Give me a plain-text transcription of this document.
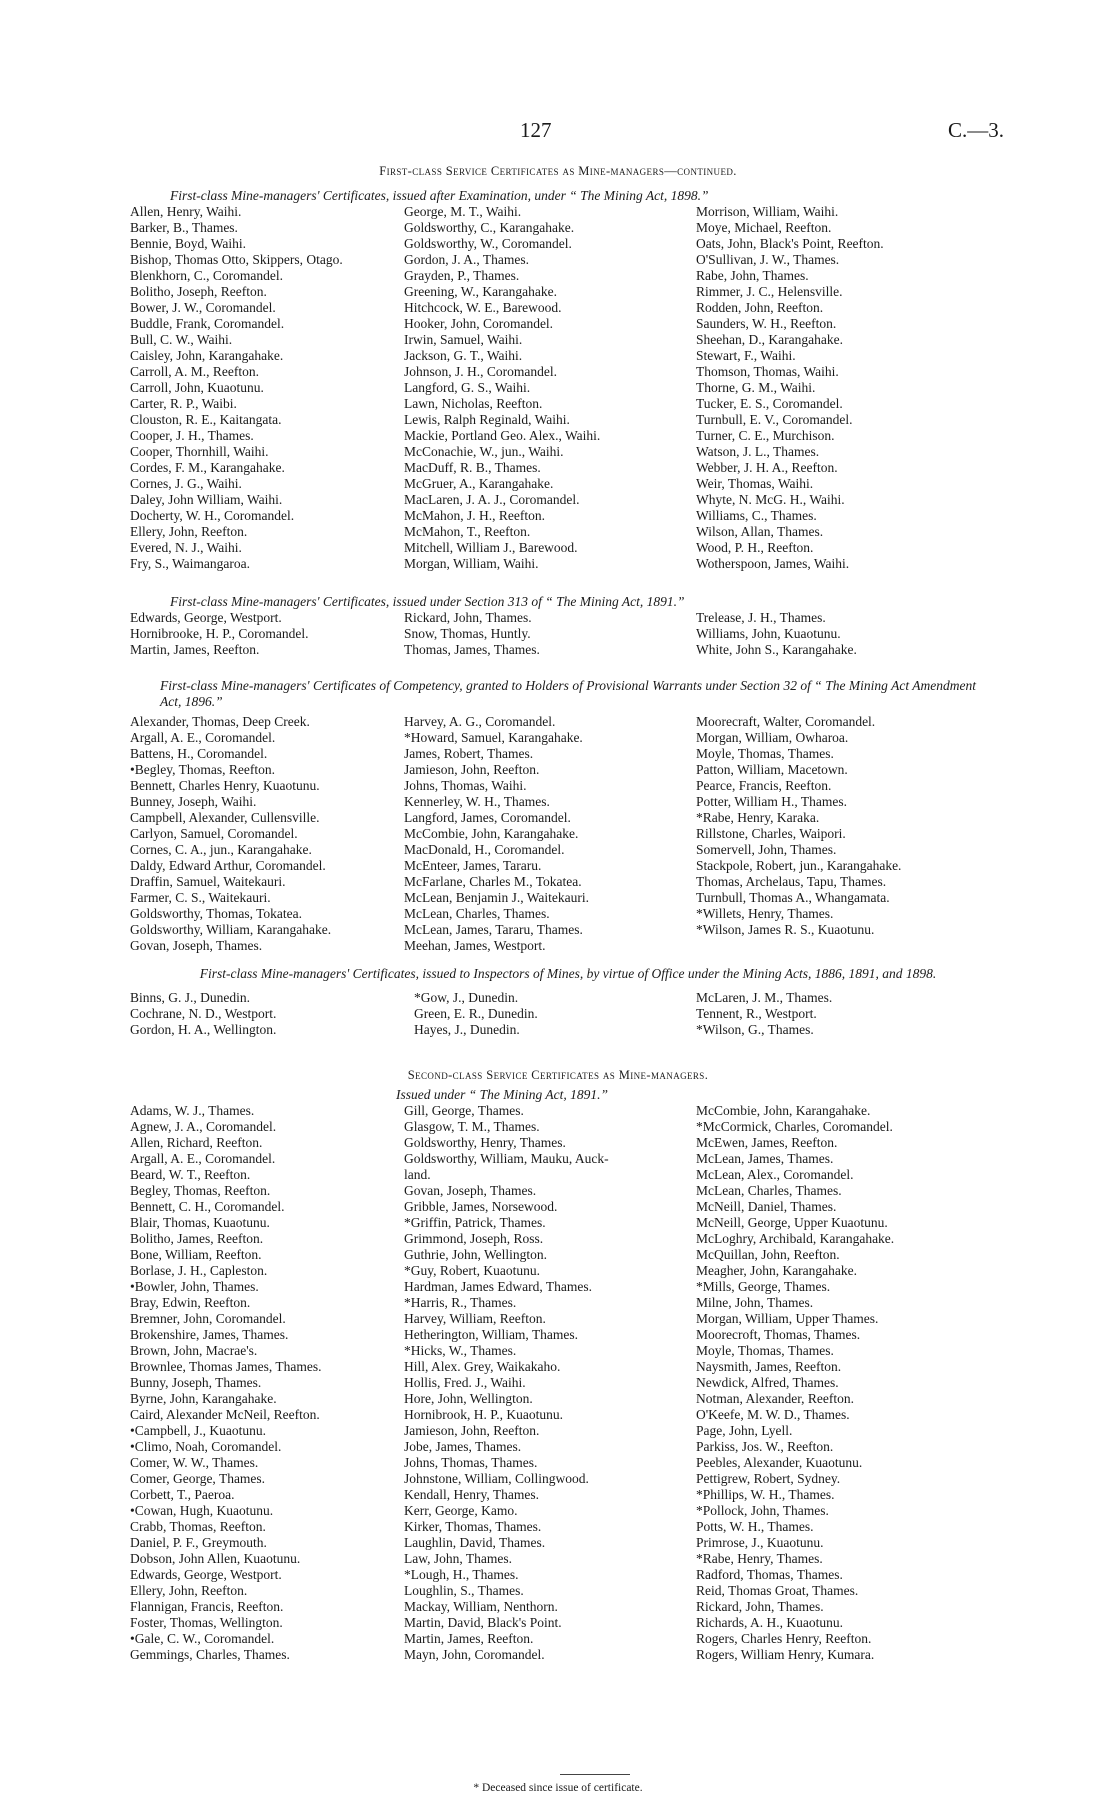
127	C.—3.
First-class Service Certificates as Mine-managers—continued.
First-class Mine-managers' Certificates, issued after Examination, under “ The Mining Act, 1898.”
Allen, Henry, Waihi.
Barker, B., Thames.
Bennie, Boyd, Waihi.
Bishop, Thomas Otto, Skippers, Otago.
Blenkhorn, C., Coromandel.
Bolitho, Joseph, Reefton.
Bower, J. W., Coromandel.
Buddle, Frank, Coromandel.
Bull, C. W., Waihi.
Caisley, John, Karangahake.
Carroll, A. M., Reefton.
Carroll, John, Kuaotunu.
Carter, R. P., Waibi.
Clouston, R. E., Kaitangata.
Cooper, J. H., Thames.
Cooper, Thornhill, Waihi.
Cordes, F. M., Karangahake.
Cornes, J. G., Waihi.
Daley, John William, Waihi.
Docherty, W. H., Coromandel.
Ellery, John, Reefton.
Evered, N. J., Waihi.
Fry, S., Waimangaroa.
George, M. T., Waihi.
Goldsworthy, C., Karangahake.
Goldsworthy, W., Coromandel.
Gordon, J. A., Thames.
Grayden, P., Thames.
Greening, W., Karangahake.
Hitchcock, W. E., Barewood.
Hooker, John, Coromandel.
Irwin, Samuel, Waihi.
Jackson, G. T., Waihi.
Johnson, J. H., Coromandel.
Langford, G. S., Waihi.
Lawn, Nicholas, Reefton.
Lewis, Ralph Reginald, Waihi.
Mackie, Portland Geo. Alex., Waihi.
McConachie, W., jun., Waihi.
MacDuff, R. B., Thames.
McGruer, A., Karangahake.
MacLaren, J. A. J., Coromandel.
McMahon, J. H., Reefton.
McMahon, T., Reefton.
Mitchell, William J., Barewood.
Morgan, William, Waihi.
Morrison, William, Waihi.
Moye, Michael, Reefton.
Oats, John, Black's Point, Reefton.
O'Sullivan, J. W., Thames.
Rabe, John, Thames.
Rimmer, J. C., Helensville.
Rodden, John, Reefton.
Saunders, W. H., Reefton.
Sheehan, D., Karangahake.
Stewart, F., Waihi.
Thomson, Thomas, Waihi.
Thorne, G. M., Waihi.
Tucker, E. S., Coromandel.
Turnbull, E. V., Coromandel.
Turner, C. E., Murchison.
Watson, J. L., Thames.
Webber, J. H. A., Reefton.
Weir, Thomas, Waihi.
Whyte, N. McG. H., Waihi.
Williams, C., Thames.
Wilson, Allan, Thames.
Wood, P. H., Reefton.
Wotherspoon, James, Waihi.
First-class Mine-managers' Certificates, issued under Section 313 of “ The Mining Act, 1891.”
Edwards, George, Westport.
Hornibrooke, H. P., Coromandel.
Martin, James, Reefton.
Rickard, John, Thames.
Snow, Thomas, Huntly.
Thomas, James, Thames.
Trelease, J. H., Thames.
Williams, John, Kuaotunu.
White, John S., Karangahake.
First-class Mine-managers' Certificates of Competency, granted to Holders of Provisional Warrants under Section 32 of “ The Mining Act Amendment Act, 1896.”
Alexander, Thomas, Deep Creek.
Argall, A. E., Coromandel.
Battens, H., Coromandel.
•Begley, Thomas, Reefton.
Bennett, Charles Henry, Kuaotunu.
Bunney, Joseph, Waihi.
Campbell, Alexander, Cullensville.
Carlyon, Samuel, Coromandel.
Cornes, C. A., jun., Karangahake.
Daldy, Edward Arthur, Coromandel.
Draffin, Samuel, Waitekauri.
Farmer, C. S., Waitekauri.
Goldsworthy, Thomas, Tokatea.
Goldsworthy, William, Karangahake.
Govan, Joseph, Thames.
Harvey, A. G., Coromandel.
*Howard, Samuel, Karangahake.
James, Robert, Thames.
Jamieson, John, Reefton.
Johns, Thomas, Waihi.
Kennerley, W. H., Thames.
Langford, James, Coromandel.
McCombie, John, Karangahake.
MacDonald, H., Coromandel.
McEnteer, James, Tararu.
McFarlane, Charles M., Tokatea.
McLean, Benjamin J., Waitekauri.
McLean, Charles, Thames.
McLean, James, Tararu, Thames.
Meehan, James, Westport.
Moorecraft, Walter, Coromandel.
Morgan, William, Owharoa.
Moyle, Thomas, Thames.
Patton, William, Macetown.
Pearce, Francis, Reefton.
Potter, William H., Thames.
*Rabe, Henry, Karaka.
Rillstone, Charles, Waipori.
Somervell, John, Thames.
Stackpole, Robert, jun., Karangahake.
Thomas, Archelaus, Tapu, Thames.
Turnbull, Thomas A., Whangamata.
*Willets, Henry, Thames.
*Wilson, James R. S., Kuaotunu.
First-class Mine-managers' Certificates, issued to Inspectors of Mines, by virtue of Office under the Mining Acts, 1886, 1891, and 1898.
Binns, G. J., Dunedin.
Cochrane, N. D., Westport.
Gordon, H. A., Wellington.
*Gow, J., Dunedin.
Green, E. R., Dunedin.
Hayes, J., Dunedin.
McLaren, J. M., Thames.
Tennent, R., Westport.
*Wilson, G., Thames.
Second-class Service Certificates as Mine-managers.
Issued under “ The Mining Act, 1891.”
Adams, W. J., Thames.
Agnew, J. A., Coromandel.
Allen, Richard, Reefton.
Argall, A. E., Coromandel.
Beard, W. T., Reefton.
Begley, Thomas, Reefton.
Bennett, C. H., Coromandel.
Blair, Thomas, Kuaotunu.
Bolitho, James, Reefton.
Bone, William, Reefton.
Borlase, J. H., Capleston.
•Bowler, John, Thames.
Bray, Edwin, Reefton.
Bremner, John, Coromandel.
Brokenshire, James, Thames.
Brown, John, Macrae's.
Brownlee, Thomas James, Thames.
Bunny, Joseph, Thames.
Byrne, John, Karangahake.
Caird, Alexander McNeil, Reefton.
•Campbell, J., Kuaotunu.
•Climo, Noah, Coromandel.
Comer, W. W., Thames.
Comer, George, Thames.
Corbett, T., Paeroa.
•Cowan, Hugh, Kuaotunu.
Crabb, Thomas, Reefton.
Daniel, P. F., Greymouth.
Dobson, John Allen, Kuaotunu.
Edwards, George, Westport.
Ellery, John, Reefton.
Flannigan, Francis, Reefton.
Foster, Thomas, Wellington.
•Gale, C. W., Coromandel.
Gemmings, Charles, Thames.
Gill, George, Thames.
Glasgow, T. M., Thames.
Goldsworthy, Henry, Thames.
Goldsworthy, William, Mauku, Auck-
land.
Govan, Joseph, Thames.
Gribble, James, Norsewood.
*Griffin, Patrick, Thames.
Grimmond, Joseph, Ross.
Guthrie, John, Wellington.
*Guy, Robert, Kuaotunu.
Hardman, James Edward, Thames.
*Harris, R., Thames.
Harvey, William, Reefton.
Hetherington, William, Thames.
*Hicks, W., Thames.
Hill, Alex. Grey, Waikakaho.
Hollis, Fred. J., Waihi.
Hore, John, Wellington.
Hornibrook, H. P., Kuaotunu.
Jamieson, John, Reefton.
Jobe, James, Thames.
Johns, Thomas, Thames.
Johnstone, William, Collingwood.
Kendall, Henry, Thames.
Kerr, George, Kamo.
Kirker, Thomas, Thames.
Laughlin, David, Thames.
Law, John, Thames.
*Lough, H., Thames.
Loughlin, S., Thames.
Mackay, William, Nenthorn.
Martin, David, Black's Point.
Martin, James, Reefton.
Mayn, John, Coromandel.
McCombie, John, Karangahake.
*McCormick, Charles, Coromandel.
McEwen, James, Reefton.
McLean, James, Thames.
McLean, Alex., Coromandel.
McLean, Charles, Thames.
McNeill, Daniel, Thames.
McNeill, George, Upper Kuaotunu.
McLoghry, Archibald, Karangahake.
McQuillan, John, Reefton.
Meagher, John, Karangahake.
*Mills, George, Thames.
Milne, John, Thames.
Morgan, William, Upper Thames.
Moorecroft, Thomas, Thames.
Moyle, Thomas, Thames.
Naysmith, James, Reefton.
Newdick, Alfred, Thames.
Notman, Alexander, Reefton.
O'Keefe, M. W. D., Thames.
Page, John, Lyell.
Parkiss, Jos. W., Reefton.
Peebles, Alexander, Kuaotunu.
Pettigrew, Robert, Sydney.
*Phillips, W. H., Thames.
*Pollock, John, Thames.
Potts, W. H., Thames.
Primrose, J., Kuaotunu.
*Rabe, Henry, Thames.
Radford, Thomas, Thames.
Reid, Thomas Groat, Thames.
Rickard, John, Thames.
Richards, A. H., Kuaotunu.
Rogers, Charles Henry, Reefton.
Rogers, William Henry, Kumara.
* Deceased since issue of certificate.
